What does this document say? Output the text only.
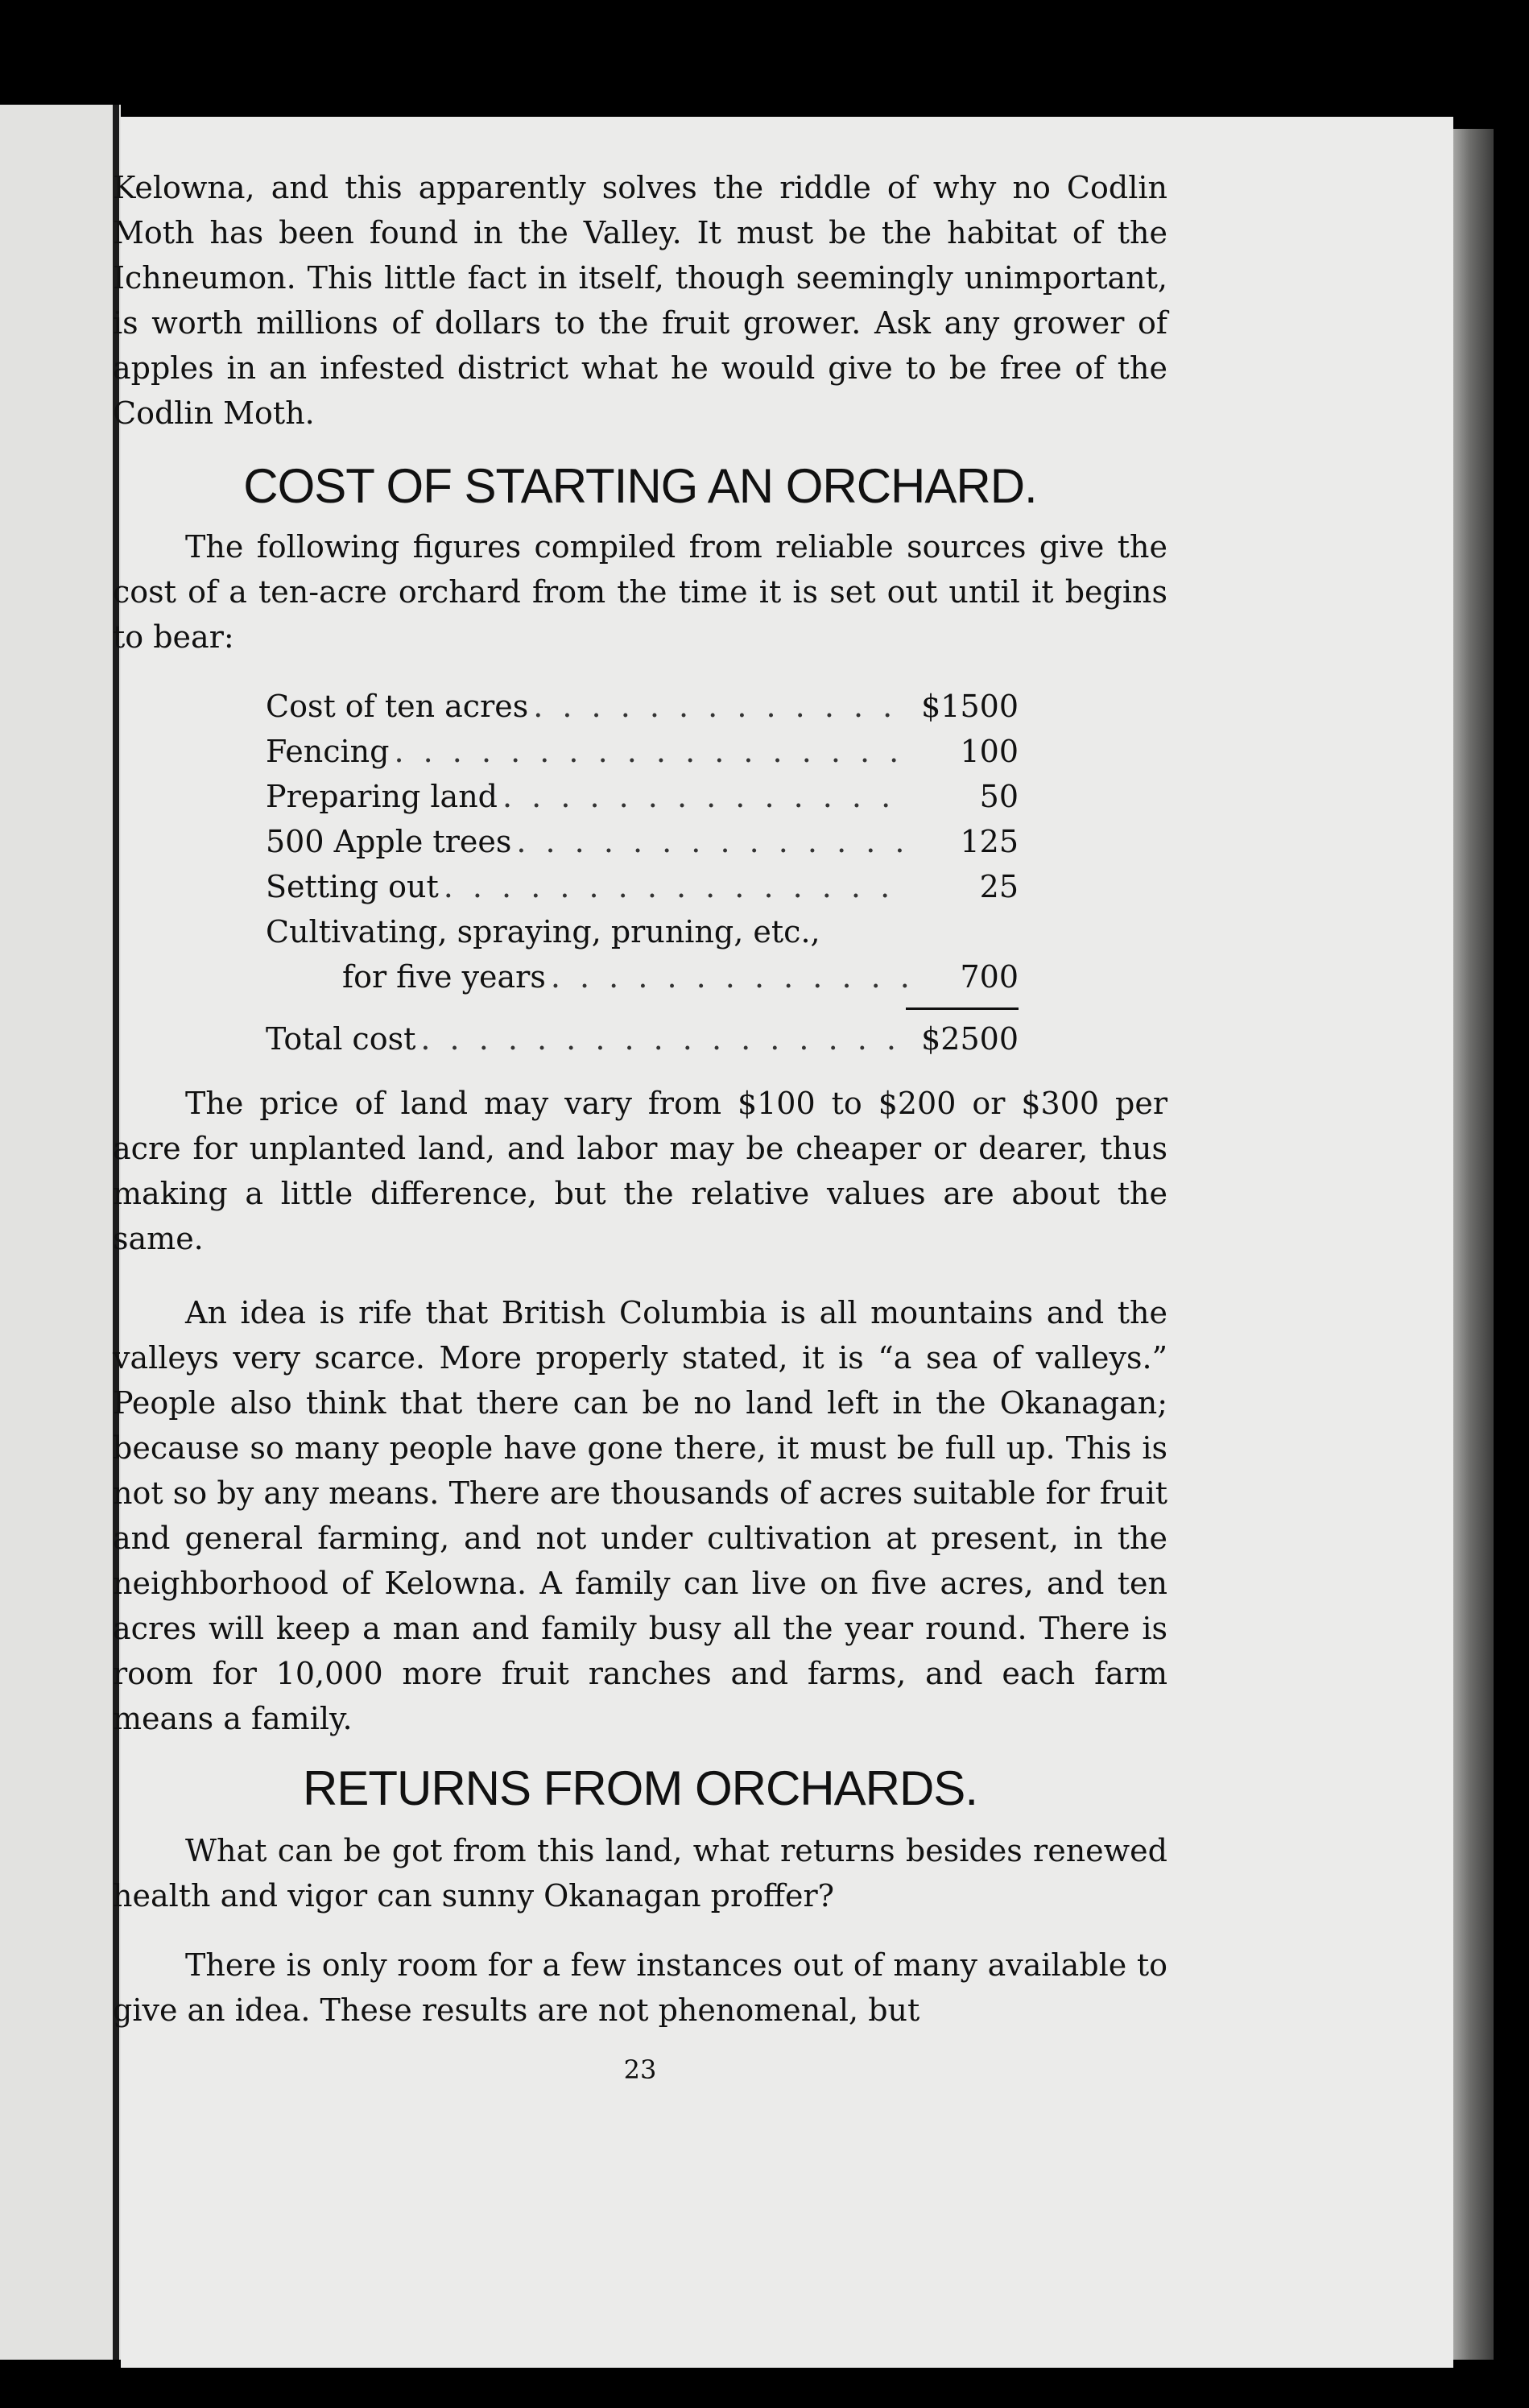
Kelowna, and this apparently solves the riddle of why no Codlin Moth has been found in the Valley. It must be the habitat of the Ichneumon. This little fact in itself, though seemingly unimportant, is worth millions of dollars to the fruit grower. Ask any grower of apples in an infested district what he would give to be free of the Codlin Moth.

COST OF STARTING AN ORCHARD.

The following figures compiled from reliable sources give the cost of a ten-acre orchard from the time it is set out until it begins to bear:

Cost of ten acres . . .	$1500
Fencing . . .	100
Preparing land . . .	50
500 Apple trees . . .	125
Setting out . . .	25
Cultivating, spraying, pruning, etc.,
for five years . . .	700
Total cost . . .	$2500

The price of land may vary from $100 to $200 or $300 per acre for unplanted land, and labor may be cheaper or dearer, thus making a little difference, but the relative values are about the same.

An idea is rife that British Columbia is all mountains and the valleys very scarce. More properly stated, it is “a sea of valleys.” People also think that there can be no land left in the Okanagan; because so many people have gone there, it must be full up. This is not so by any means. There are thousands of acres suitable for fruit and general farming, and not under cultivation at present, in the neighborhood of Kelowna. A family can live on five acres, and ten acres will keep a man and family busy all the year round. There is room for 10,000 more fruit ranches and farms, and each farm means a family.

RETURNS FROM ORCHARDS.

What can be got from this land, what returns besides renewed health and vigor can sunny Okanagan proffer?

There is only room for a few instances out of many available to give an idea. These results are not phenomenal, but

23
